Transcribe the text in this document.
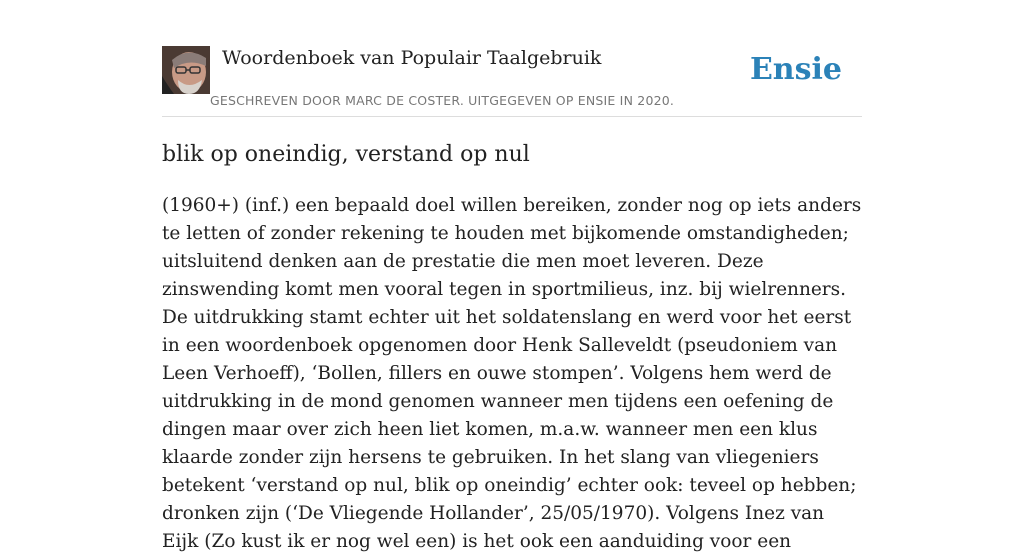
Woordenboek van Populair Taalgebruik
GESCHREVEN DOOR MARC DE COSTER. UITGEGEVEN OP ENSIE IN 2020.
Ensie
blik op oneindig, verstand op nul

(1960+) (inf.) een bepaald doel willen bereiken, zonder nog op iets anders te letten of zonder rekening te houden met bijkomende omstandigheden; uitsluitend denken aan de prestatie die men moet leveren. Deze zinswending komt men vooral tegen in sportmilieus, inz. bij wielrenners. De uitdrukking stamt echter uit het soldatenslang en werd voor het eerst in een woordenboek opgenomen door Henk Salleveldt (pseudoniem van Leen Verhoeff), ‘Bollen, fillers en ouwe stompen’. Volgens hem werd de uitdrukking in de mond genomen wanneer men tijdens een oefening de dingen maar over zich heen liet komen, m.a.w. wanneer men een klus klaarde zonder zijn hersens te gebruiken. In het slang van vliegeniers betekent ‘verstand op nul, blik op oneindig’ echter ook: teveel op hebben; dronken zijn (‘De Vliegende Hollander’, 25/05/1970). Volgens Inez van Eijk (Zo kust ik er nog wel een) is het ook een aanduiding voor een
